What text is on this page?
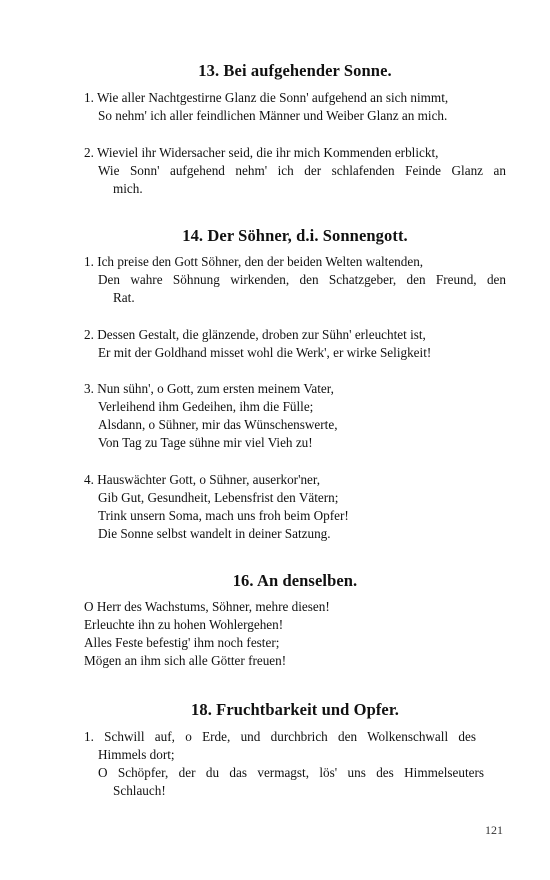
13. Bei aufgehender Sonne.

1. Wie aller Nachtgestirne Glanz die Sonn' aufgehend an sich nimmt,

So nehm' ich aller feindlichen Männer und Weiber Glanz an mich.

2. Wieviel ihr Widersacher seid, die ihr mich Kommenden erblickt,

Wie Sonn' aufgehend nehm' ich der schlafenden Feinde Glanz an

mich.

14. Der Söhner, d.i. Sonnengott.

1. Ich preise den Gott Söhner, den der beiden Welten waltenden,

Den wahre Söhnung wirkenden, den Schatzgeber, den Freund, den

Rat.

2. Dessen Gestalt, die glänzende, droben zur Sühn' erleuchtet ist,

Er mit der Goldhand misset wohl die Werk', er wirke Seligkeit!

3. Nun sühn', o Gott, zum ersten meinem Vater,

Verleihend ihm Gedeihen, ihm die Fülle;

Alsdann, o Sühner, mir das Wünschenswerte,

Von Tag zu Tage sühne mir viel Vieh zu!

4. Hauswächter Gott, o Sühner, auserkor'ner,

Gib Gut, Gesundheit, Lebensfrist den Vätern;

Trink unsern Soma, mach uns froh beim Opfer!

Die Sonne selbst wandelt in deiner Satzung.

16. An denselben.

O Herr des Wachstums, Söhner, mehre diesen!

Erleuchte ihn zu hohen Wohlergehen!

Alles Feste befestig' ihm noch fester;

Mögen an ihm sich alle Götter freuen!

18. Fruchtbarkeit und Opfer.

1. Schwill auf, o Erde, und durchbrich den Wolkenschwall des

Himmels dort;

O Schöpfer, der du das vermagst, lös' uns des Himmelseuters

Schlauch!

121
